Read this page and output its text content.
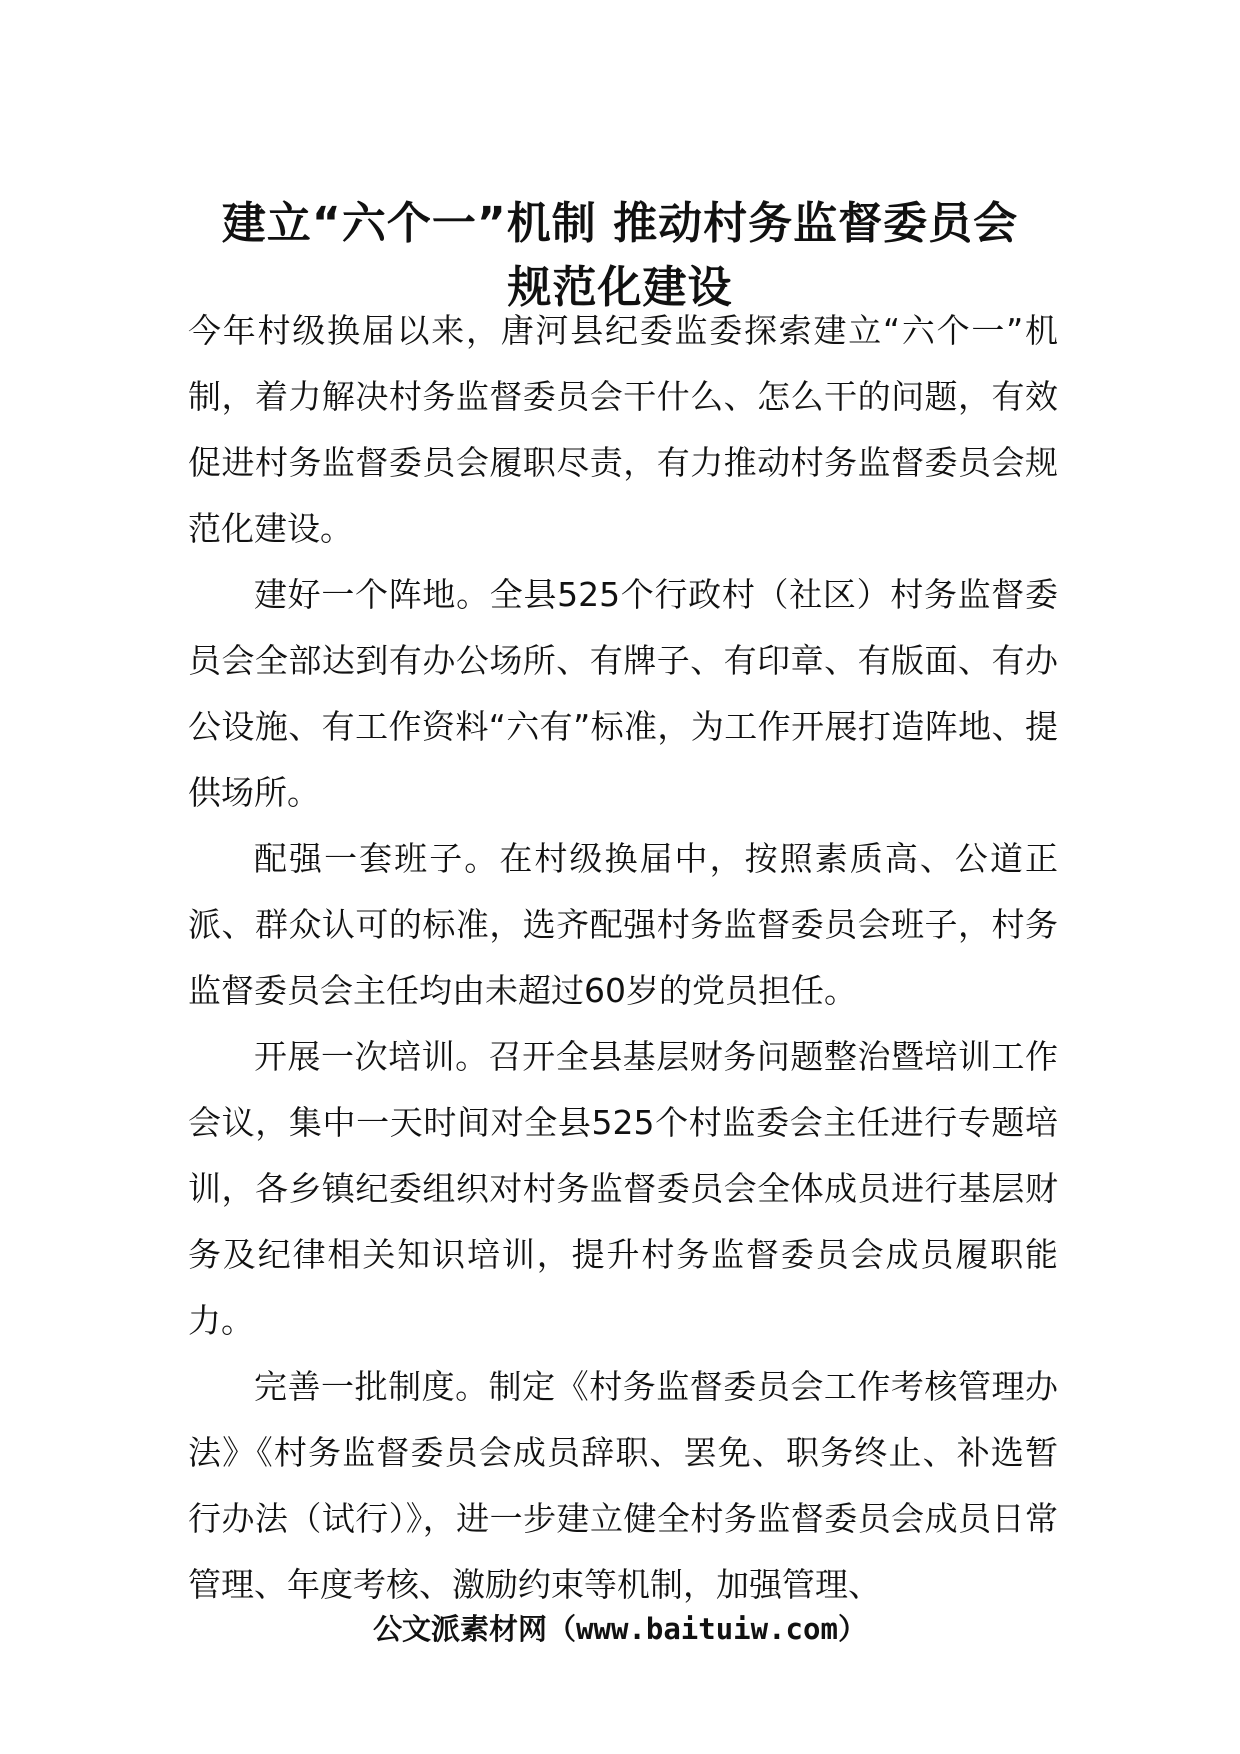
建立“六个一”机制 推动村务监督委员会
规范化建设

今年村级换届以来，唐河县纪委监委探索建立“六个一”机制，着力解决村务监督委员会干什么、怎么干的问题，有效促进村务监督委员会履职尽责，有力推动村务监督委员会规范化建设。

建好一个阵地。全县525个行政村（社区）村务监督委员会全部达到有办公场所、有牌子、有印章、有版面、有办公设施、有工作资料“六有”标准，为工作开展打造阵地、提供场所。

配强一套班子。在村级换届中，按照素质高、公道正派、群众认可的标准，选齐配强村务监督委员会班子，村务监督委员会主任均由未超过60岁的党员担任。

开展一次培训。召开全县基层财务问题整治暨培训工作会议，集中一天时间对全县525个村监委会主任进行专题培训，各乡镇纪委组织对村务监督委员会全体成员进行基层财务及纪律相关知识培训，提升村务监督委员会成员履职能力。

完善一批制度。制定《村务监督委员会工作考核管理办法》《村务监督委员会成员辞职、罢免、职务终止、补选暂行办法（试行）》，进一步建立健全村务监督委员会成员日常管理、年度考核、激励约束等机制，加强管理、

公文派素材网（www.baituiw.com）
